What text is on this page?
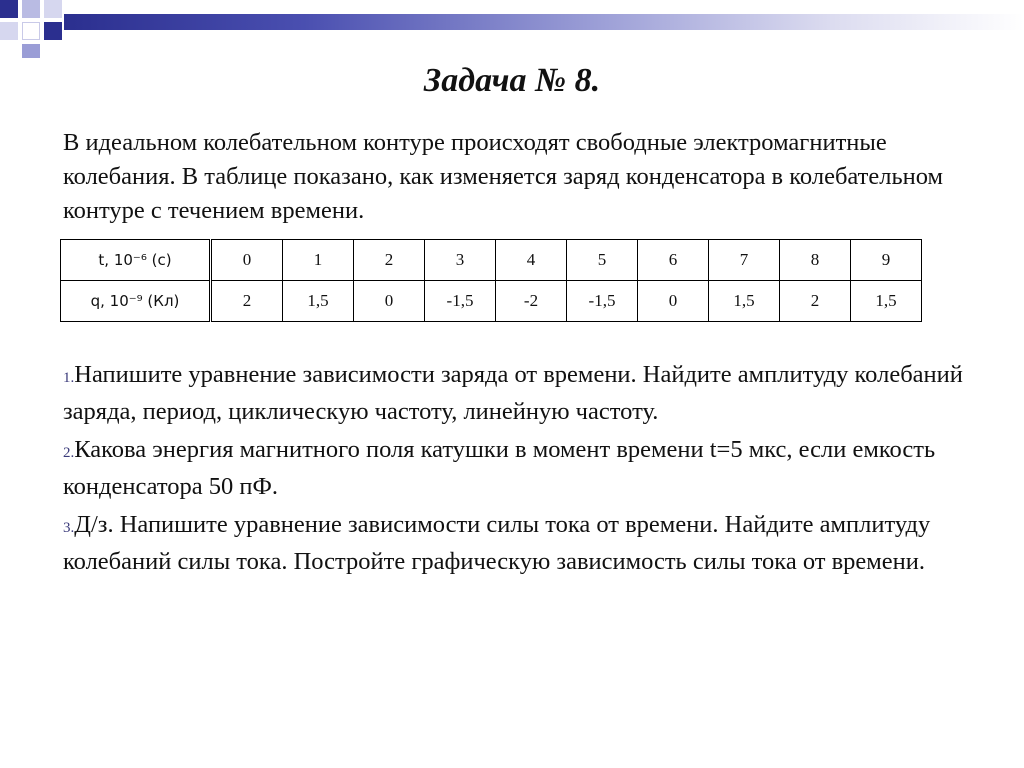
Задача № 8.

В идеальном колебательном контуре происходят свободные электромагнитные колебания. В таблице показано, как изменяется заряд конденсатора в колебательном контуре с течением времени.

t, 10⁻⁶ (с)	0	1	2	3	4	5	6	7	8	9
q, 10⁻⁹ (Кл)	2	1,5	0	-1,5	-2	-1,5	0	1,5	2	1,5
1.Напишите уравнение зависимости заряда от времени. Найдите амплитуду колебаний заряда, период, циклическую частоту, линейную частоту.
2.Какова энергия магнитного поля катушки в момент времени t=5 мкс, если емкость конденсатора 50 пФ.
3.Д/з. Напишите уравнение зависимости силы тока от времени. Найдите амплитуду колебаний силы тока. Постройте графическую зависимость силы тока от времени.
